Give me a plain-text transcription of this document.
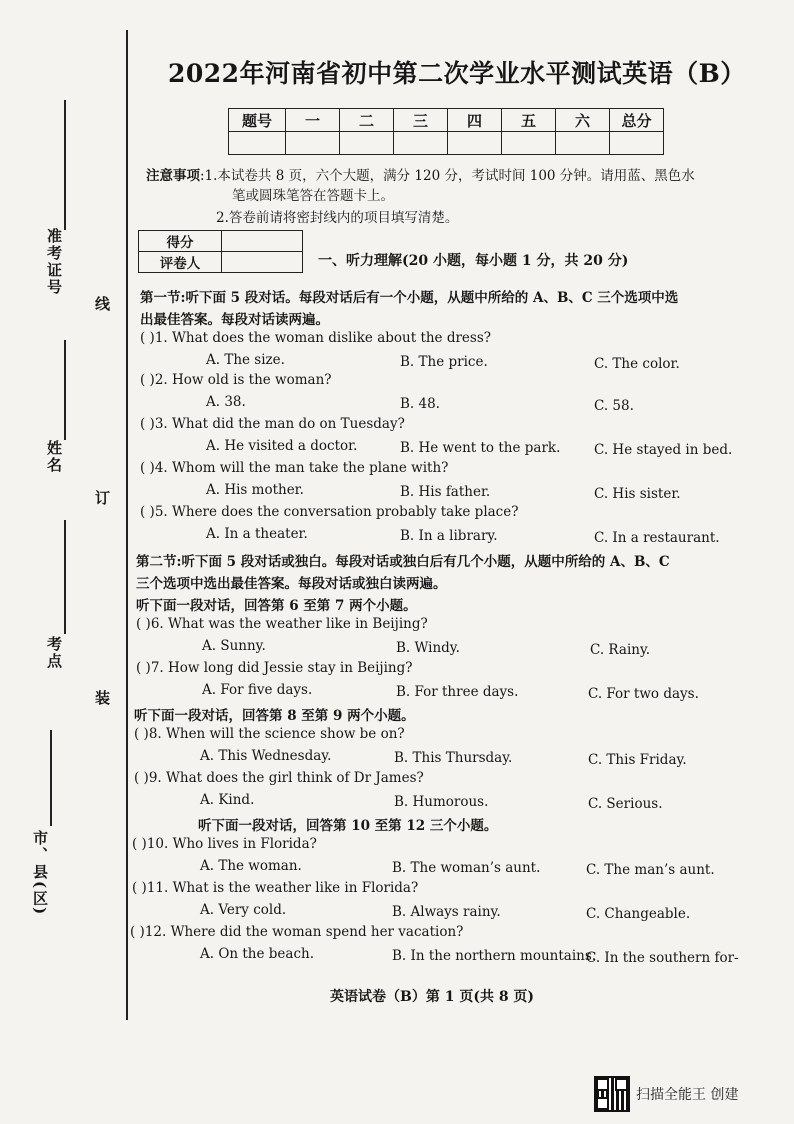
准考证号
姓名
考点
市、县(区)
线
订
装
2022年河南省初中第二次学业水平测试英语（B）
题号	一	二	三	四	五	六	总分

注意事项:1.本试卷共 8 页，六个大题，满分 120 分，考试时间 100 分钟。请用蓝、黑色水
笔或圆珠笔答在答题卡上。
2.答卷前请将密封线内的项目填写清楚。
得分	
评卷人		一、听力理解(20 小题，每小题 1 分，共 20 分)
第一节:听下面 5 段对话。每段对话后有一个小题，从题中所给的 A、B、C 三个选项中选
出最佳答案。每段对话读两遍。
( )1. What does the woman dislike about the dress?
A. The size.	B. The price.	C. The color.
( )2. How old is the woman?
A. 38.	B. 48.	C. 58.
( )3. What did the man do on Tuesday?
A. He visited a doctor.	B. He went to the park. C. He stayed in bed.
( )4. Whom will the man take the plane with?
A. His mother.	B. His father.	C. His sister.
( )5. Where does the conversation probably take place?
A. In a theater.	B. In a library.	C. In a restaurant.
第二节:听下面 5 段对话或独白。每段对话或独白后有几个小题，从题中所给的 A、B、C
三个选项中选出最佳答案。每段对话或独白读两遍。
听下面一段对话，回答第 6 至第 7 两个小题。
( )6. What was the weather like in Beijing?
A. Sunny.	B. Windy.	C. Rainy.
( )7. How long did Jessie stay in Beijing?
A. For five days.	B. For three days.	C. For two days.
听下面一段对话，回答第 8 至第 9 两个小题。
( )8. When will the science show be on?
A. This Wednesday.	B. This Thursday.	C. This Friday.
( )9. What does the girl think of Dr James?
A. Kind.	B. Humorous.	C. Serious.
听下面一段对话，回答第 10 至第 12 三个小题。
( )10. Who lives in Florida?
A. The woman.	B. The woman’s aunt.	C. The man’s aunt.
( )11. What is the weather like in Florida?
A. Very cold.	B. Always rainy.	C. Changeable.
( )12. Where did the woman spend her vacation?
A. On the beach.	B. In the northern mountains.
C. In the southern for-
英语试卷（B）第 1 页(共 8 页)
扫描全能王 创建
